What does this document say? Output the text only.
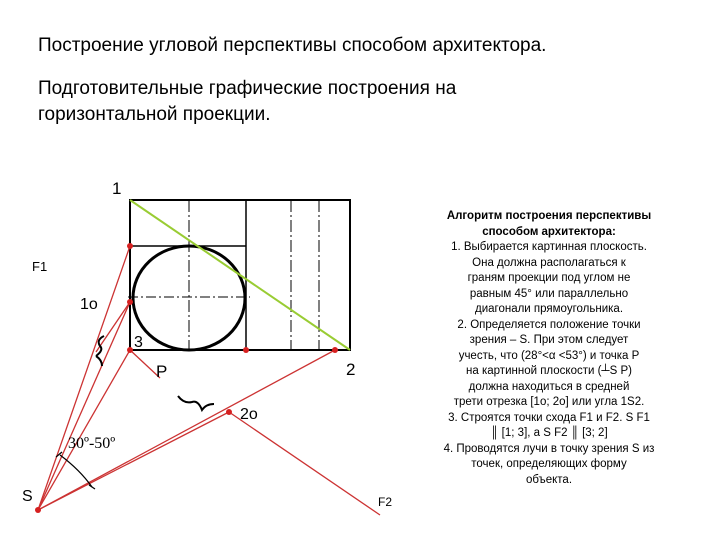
Построение угловой перспективы способом архитектора.
Подготовительные графические построения на
горизонтальной проекции.
1
F1
1о
3
2
P
2о
30º-50º
S	F2
Алгоритм построения перспективы
способом архитектора:
1. Выбирается картинная плоскость.
Она должна располагаться к
граням проекции под углом не
равным 45° или параллельно
диагонали прямоугольника.
2. Определяется положение точки
зрения – S. При этом следует
учесть, что (28°<α <53°) и точка P
на картинной плоскости (┴S P)
должна находиться в средней
трети отрезка [1о; 2о] или угла 1S2.
3. Строятся точки схода F1 и F2. S F1
║ [1; 3], а S F2 ║ [3; 2]
4. Проводятся лучи в точку зрения S из
точек, определяющих форму
объекта.
